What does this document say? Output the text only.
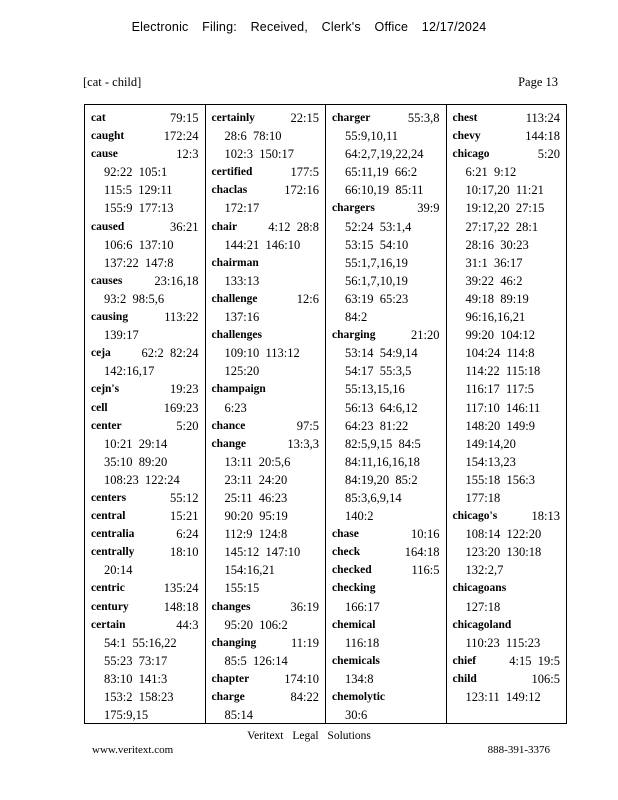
Electronic Filing: Received, Clerk's Office 12/17/2024
[cat - child]	Page 13
cat	79:15
caught	172:24
cause	12:3
92:22  105:1
115:5  129:11
155:9  177:13
caused	36:21
106:6  137:10
137:22  147:8
causes	23:16,18
93:2  98:5,6
causing	113:22
139:17
ceja 62:2  82:24
142:16,17
cejn's	19:23
cell	169:23
center	5:20
10:21  29:14
35:10  89:20
108:23  122:24
centers	55:12
central	15:21
centralia	6:24
centrally	18:10
20:14
centric	135:24
century	148:18
certain	44:3
54:1  55:16,22
55:23  73:17
83:10  141:3
153:2  158:23
175:9,15
certainly	22:15
28:6  78:10
102:3  150:17
certified	177:5
chaclas	172:16
172:17
chair 4:12  28:8
144:21  146:10
chairman
133:13
challenge	12:6
137:16
challenges
109:10  113:12
125:20
champaign
6:23
chance	97:5
change	13:3,3
13:11  20:5,6
23:11  24:20
25:11  46:23
90:20  95:19
112:9  124:8
145:12  147:10
154:16,21
155:15
changes	36:19
95:20  106:2
changing	11:19
85:5  126:14
chapter	174:10
charge	84:22
85:14
charger	55:3,8
55:9,10,11
64:2,7,19,22,24
65:11,19  66:2
66:10,19  85:11
chargers	39:9
52:24  53:1,4
53:15  54:10
55:1,7,16,19
56:1,7,10,19
63:19  65:23
84:2
charging	21:20
53:14  54:9,14
54:17  55:3,5
55:13,15,16
56:13  64:6,12
64:23  81:22
82:5,9,15  84:5
84:11,16,16,18
84:19,20  85:2
85:3,6,9,14
140:2
chase	10:16
check	164:18
checked	116:5
checking
166:17
chemical
116:18
chemicals
134:8
chemolytic
30:6
chest	113:24
chevy	144:18
chicago	5:20
6:21  9:12
10:17,20  11:21
19:12,20  27:15
27:17,22  28:1
28:16  30:23
31:1  36:17
39:22  46:2
49:18  89:19
96:16,16,21
99:20  104:12
104:24  114:8
114:22  115:18
116:17  117:5
117:10  146:11
148:20  149:9
149:14,20
154:13,23
155:18  156:3
177:18
chicago's	18:13
108:14  122:20
123:20  130:18
132:2,7
chicagoans
127:18
chicagoland
110:23  115:23
chief	4:15  19:5
child	106:5
123:11  149:12
Veritext Legal Solutions
www.veritext.com	888-391-3376
